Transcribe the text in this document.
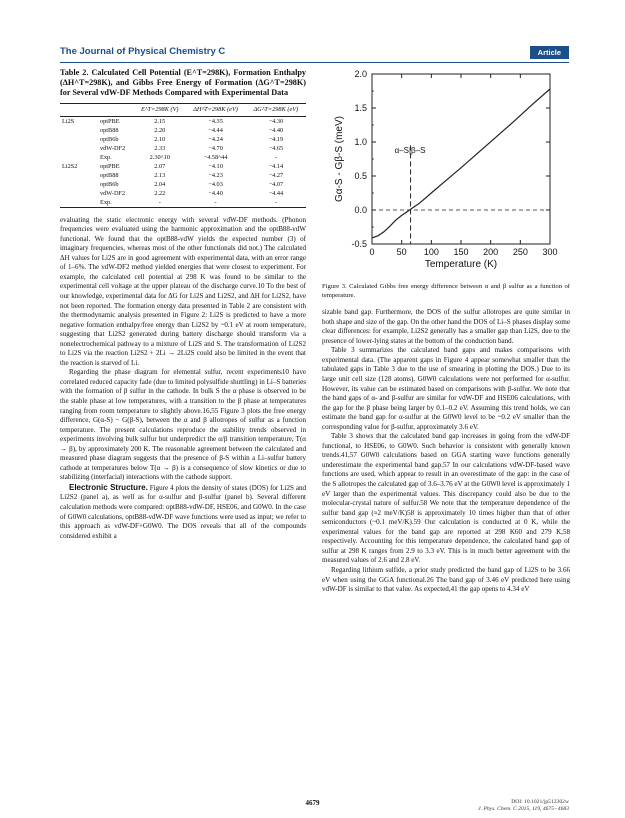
The Journal of Physical Chemistry C	Article
Table 2. Calculated Cell Potential (E^T=298K), Formation Enthalpy (ΔH^T=298K), and Gibbs Free Energy of Formation (ΔG^T=298K) for Several vdW-DF Methods Compared with Experimental Data
		E^T=298K (V)	ΔH^T=298K (eV)	ΔG^T=298K (eV)
Li2S	optPBE	2.15	−4.35	−4.30
	optB88	2.20	−4.44	−4.40
	optB6b	2.10	−4.24	−4.19
	vdW-DF2	2.33	−4.70	−4.65
	Exp.	2.30^10	−4.58^44	-
Li2S2	optPBE	2.07	−4.10	−4.14
	optB88	2.13	−4.23	−4.27
	optB6b	2.04	−4.03	−4.07
	vdW-DF2	2.22	−4.40	−4.44
	Exp.	-	-	-

evaluating the static electronic energy with several vdW-DF methods. (Phonon frequencies were evaluated using the harmonic approximation and the optB88-vdW functional. We found that the optB88-vdW yields the expected number (3) of imaginary frequencies, whereas most of the other functionals did not.) The calculated ΔH values for Li2S are in good agreement with experimental data, with an error range of 1–6%. The vdW-DF2 method yielded energies that were closest to experiment. For example, the calculated cell potential at 298 K was found to be similar to the experimental cell voltage at the upper plateau of the discharge curve.10 To the best of our knowledge, experimental data for ΔG for Li2S and Li2S2, and ΔH for Li2S2, have not been reported. The formation energy data presented in Table 2 are consistent with the thermodynamic analysis presented in Figure 2: Li2S is predicted to have a more negative formation enthalpy/free energy than Li2S2 by ~0.1 eV at room temperature, suggesting that Li2S2 generated during battery discharge should transform via a nonelectrochemical pathway to a mixture of Li2S and S. The transformation of Li2S2 to Li2S via the reaction Li2S2 + 2Li → 2Li2S could also be limited in the event that the reaction is starved of Li.

Regarding the phase diagram for elemental sulfur, recent experiments10 have correlated reduced capacity fade (due to limited polysulfide shuttling) in Li–S batteries with the formation of β sulfur in the cathode. In bulk S the α phase is observed to be the stable phase at low temperatures, with a transition to the β phase at temperatures ranging from room temperature to slightly above.16,55 Figure 3 plots the free energy difference, G(α-S) − G(β-S), between the α and β allotropes of sulfur as a function temperature. The present calculations reproduce the stability trends observed in experiments involving bulk sulfur but underpredict the α/β transition temperature, T(α → β), by approximately 200 K. The reasonable agreement between the calculated and measured phase diagram suggests that the presence of β-S within a Li–sulfur battery cathode at temperatures below T(α → β) is a consequence of slow kinetics or due to stabilizing (interfacial) interactions with the cathode support.

Electronic Structure. Figure 4 plots the density of states (DOS) for Li2S and Li2S2 (panel a), as well as for α-sulfur and β-sulfur (panel b). Several different calculation methods were compared: optB88-vdW-DF, HSE06, and G0W0. In the case of G0W0 calculations, optB88-vdW-DF wave functions were used as input; we refer to this approach as vdW-DF+G0W0. The DOS reveals that all of the compounds considered exhibit a

-0.5
0.0
0.5
1.0
1.5
2.0
0 50 100 150 200 250 300
α–S|β–S
Temperature (K)
Gα-S - Gβ-S (meV)
Figure 3. Calculated Gibbs free energy difference between α and β sulfur as a function of temperature.

sizable band gap. Furthermore, the DOS of the sulfur allotropes are quite similar in both shape and size of the gap. On the other hand the DOS of Li–S phases display some clear differences: for example, Li2S2 generally has a smaller gap than Li2S, due to the presence of lower-lying states at the bottom of the conduction band.

Table 3 summarizes the calculated band gaps and makes comparisons with experimental data. (The apparent gaps in Figure 4 appear somewhat smaller than the tabulated gaps in Table 3 due to the use of smearing in plotting the DOS.) Due to its large unit cell size (128 atoms), G0W0 calculations were not performed for α-sulfur. However, its value can be estimated based on comparisons with β-sulfur. We note that the band gaps of α- and β-sulfur are similar for vdW-DF and HSE06 calculations, with the gap for the β phase being larger by 0.1–0.2 eV. Assuming this trend holds, we can estimate the band gap for α-sulfur at the G0W0 level to be ~0.2 eV smaller than the corresponding value for β-sulfur, approximately 3.6 eV.

Table 3 shows that the calculated band gap increases in going from the vdW-DF functional, to HSE06, to G0W0. Such behavior is consistent with generally known trends.41,57 G0W0 calculations based on GGA starting wave functions generally underestimate the experimental band gap.57 In our calculations vdW-DF-based wave functions are used, which appear to result in an overestimate of the gap: in the case of the S allotropes the calculated gap of 3.6–3.76 eV at the G0W0 level is approximately 1 eV larger than the experimental values. This discrepancy could also be due to the molecular-crystal nature of sulfur.58 We note that the temperature dependence of the sulfur band gap (≈2 meV/K)58 is approximately 10 times higher than that of other semiconductors (~0.1 meV/K).59 Our calculation is conducted at 0 K, while the experimental values for the band gap are reported at 298 K60 and 279 K,58 respectively. Accounting for this temperature dependence, the calculated band gap of sulfur at 298 K ranges from 2.9 to 3.3 eV. This is in much better agreement with the measured values of 2.6 and 2.8 eV.

Regarding lithium sulfide, a prior study predicted the band gap of Li2S to be 3.66 eV when using the GGA functional.26 The band gap of 3.46 eV predicted here using vdW-DF is similar to that value. As expected,41 the gap opens to 4.34 eV

4679	DOI: 10.1021/jp512302w
J. Phys. Chem. C 2015, 119, 4675−4683
